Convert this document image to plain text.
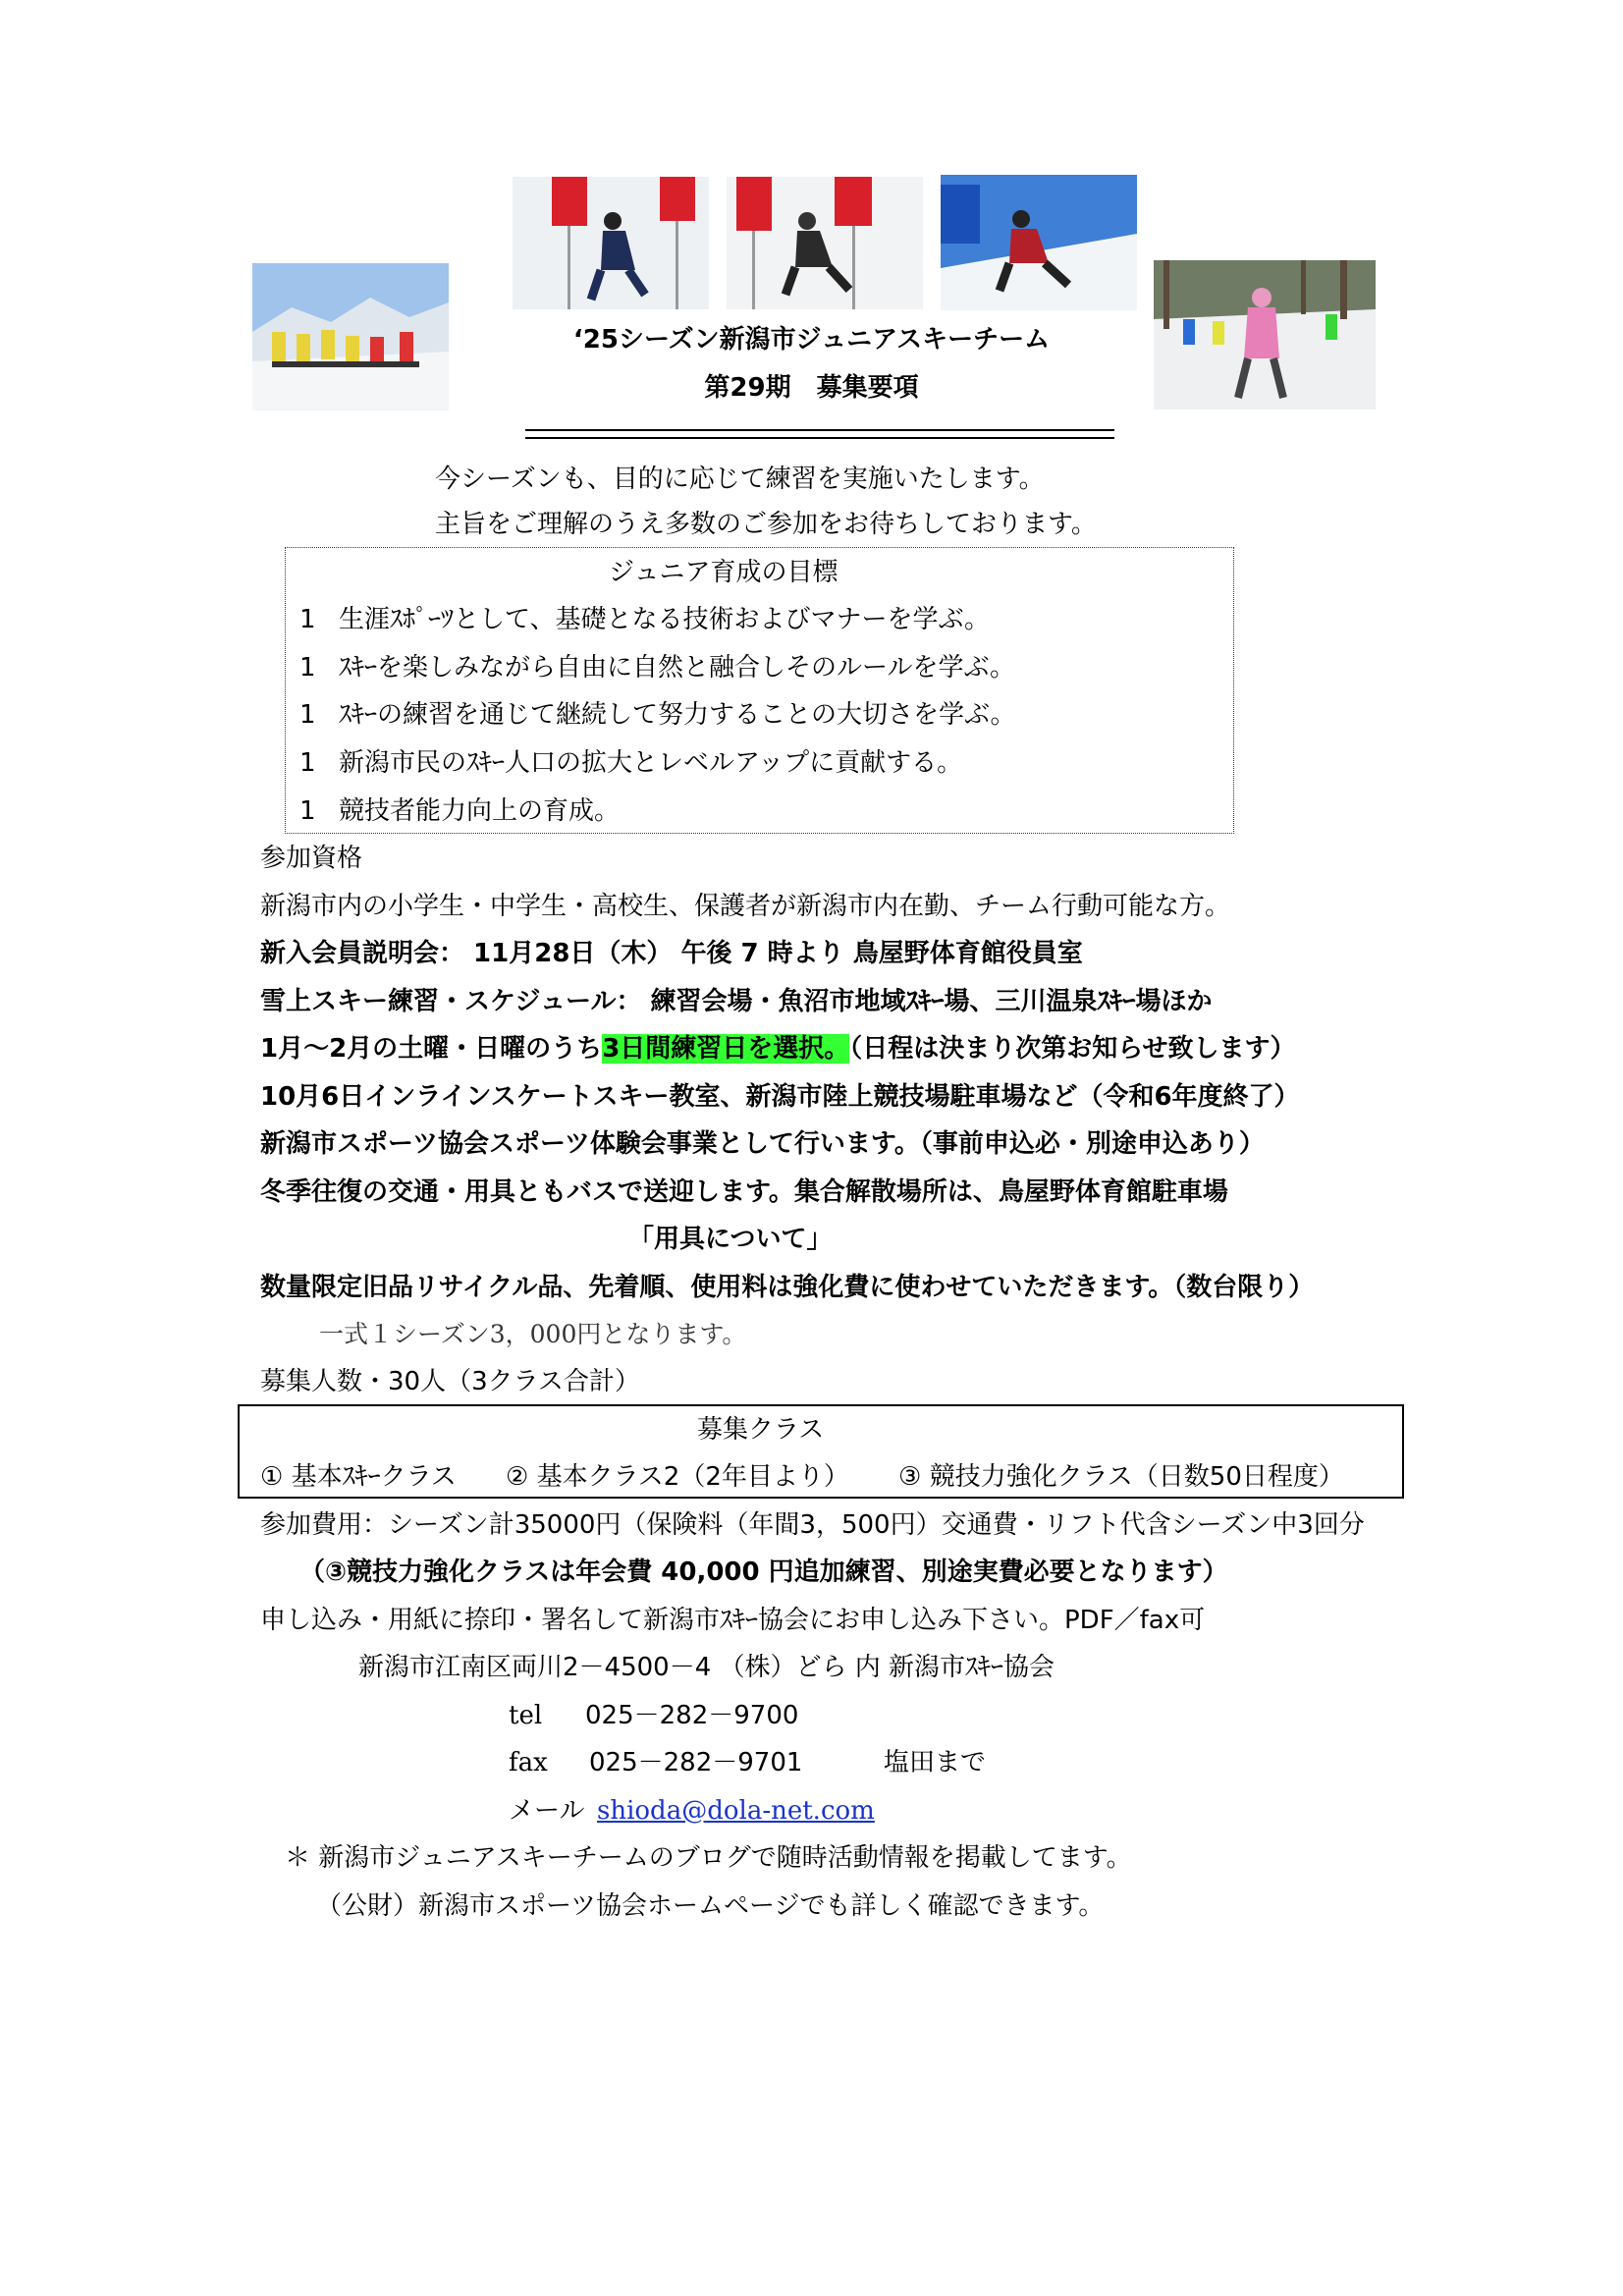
‘25シーズン新潟市ジュニアスキーチーム
第29期　募集要項
今シーズンも、目的に応じて練習を実施いたします。
主旨をご理解のうえ多数のご参加をお待ちしております。
ジュニア育成の目標
1 生涯ｽﾎﾟｰﾂとして、基礎となる技術およびマナーを学ぶ。
1 ｽｷｰを楽しみながら自由に自然と融合しそのルールを学ぶ。
1 ｽｷｰの練習を通じて継続して努力することの大切さを学ぶ。
1 新潟市民のｽｷｰ人口の拡大とレベルアップに貢献する。
1 競技者能力向上の育成。
参加資格
新潟市内の小学生・中学生・高校生、保護者が新潟市内在勤、チーム行動可能な方。
新入会員説明会： 11月28日（木） 午後 7 時より 鳥屋野体育館役員室
雪上スキー練習・スケジュール： 練習会場・魚沼市地域ｽｷｰ場、三川温泉ｽｷｰ場ほか
1月～2月の土曜・日曜のうち3日間練習日を選択。（日程は決まり次第お知らせ致します）
10月6日インラインスケートスキー教室、新潟市陸上競技場駐車場など（令和6年度終了）
新潟市スポーツ協会スポーツ体験会事業として行います。（事前申込必・別途申込あり）
冬季往復の交通・用具ともバスで送迎します。集合解散場所は、鳥屋野体育館駐車場
「用具について」
数量限定旧品リサイクル品、先着順、使用料は強化費に使わせていただきます。（数台限り）
一式１シーズン3，000円となります。
募集人数・30人（3クラス合計）
募集クラス
① 基本ｽｷｰクラス ② 基本クラス2（2年目より） ③ 競技力強化クラス（日数50日程度）
参加費用：シーズン計35000円（保険料（年間3，500円）交通費・リフト代含シーズン中3回分
（③競技力強化クラスは年会費 40,000 円追加練習、別途実費必要となります）
申し込み・用紙に捺印・署名して新潟市ｽｷｰ協会にお申し込み下さい。PDF／fax可
新潟市江南区両川2－4500－4 （株）どら 内 新潟市ｽｷｰ協会
tel 025－282－9700
fax 025－282－9701	塩田まで
メール shioda@dola-net.com
＊ 新潟市ジュニアスキーチームのブログで随時活動情報を掲載してます。
（公財）新潟市スポーツ協会ホームページでも詳しく確認できます。
